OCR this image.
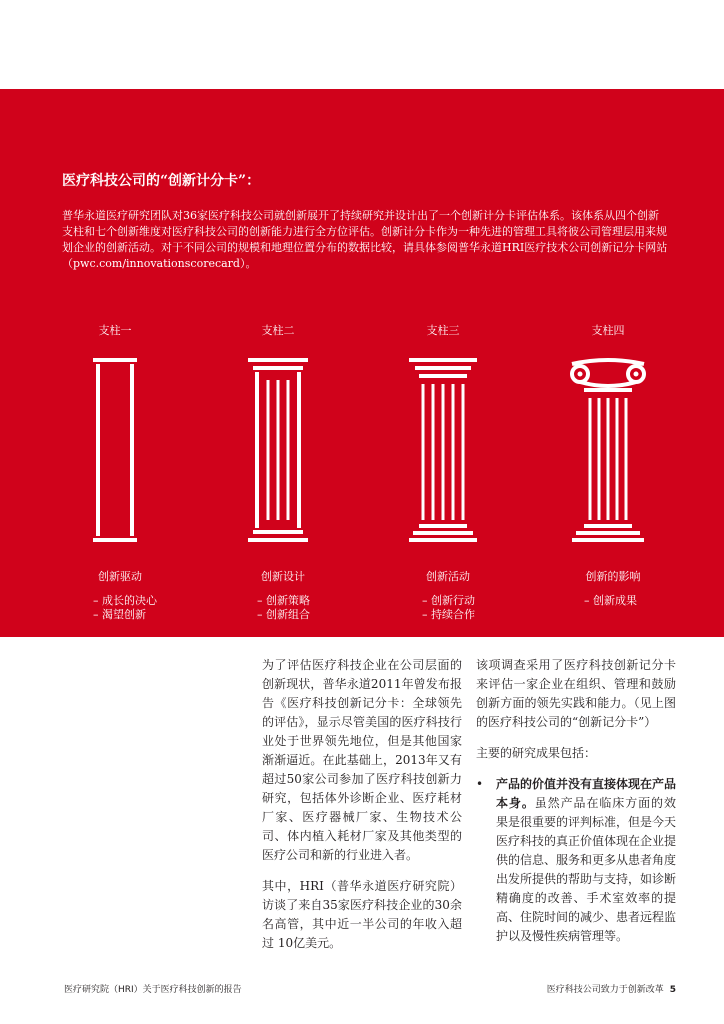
医疗科技公司的“创新计分卡”：
普华永道医疗研究团队对36家医疗科技公司就创新展开了持续研究并设计出了一个创新计分卡评估体系。该体系从四个创新支柱和七个创新维度对医疗科技公司的创新能力进行全方位评估。创新计分卡作为一种先进的管理工具将彼公司管理层用来规划企业的创新活动。对于不同公司的规模和地理位置分布的数据比较，请具体参阅普华永道HRI医疗技术公司创新记分卡网站（pwc.com/innovationscorecard）。
支柱一	支柱二	支柱三	支柱四
创新驱动	创新设计	创新活动	创新的影响
– 成长的决心
– 渴望创新
– 创新策略
– 创新组合
– 创新行动
– 持续合作
– 创新成果

为了评估医疗科技企业在公司层面的创新现状，普华永道2011年曾发布报告《医疗科技创新记分卡：全球领先的评估》，显示尽管美国的医疗科技行业处于世界领先地位，但是其他国家渐渐逼近。在此基础上，2013年又有超过50家公司参加了医疗科技创新力研究，包括体外诊断企业、医疗耗材厂家、医疗器械厂家、生物技术公司、体内植入耗材厂家及其他类型的医疗公司和新的行业进入者。

其中，HRI（普华永道医疗研究院）访谈了来自35家医疗科技企业的30余名高管，其中近一半公司的年收入超过 10亿美元。

该项调查采用了医疗科技创新记分卡来评估一家企业在组织、管理和鼓励创新方面的领先实践和能力。（见上图的医疗科技公司的“创新记分卡”）

主要的研究成果包括：

• 产品的价值并没有直接体现在产品本身。虽然产品在临床方面的效果是很重要的评判标准，但是今天医疗科技的真正价值体现在企业提供的信息、服务和更多从患者角度出发所提供的帮助与支持，如诊断精确度的改善、手术室效率的提高、住院时间的减少、患者远程监护以及慢性疾病管理等。
医疗研究院（HRI）关于医疗科技创新的报告	医疗科技公司致力于创新改革 5
